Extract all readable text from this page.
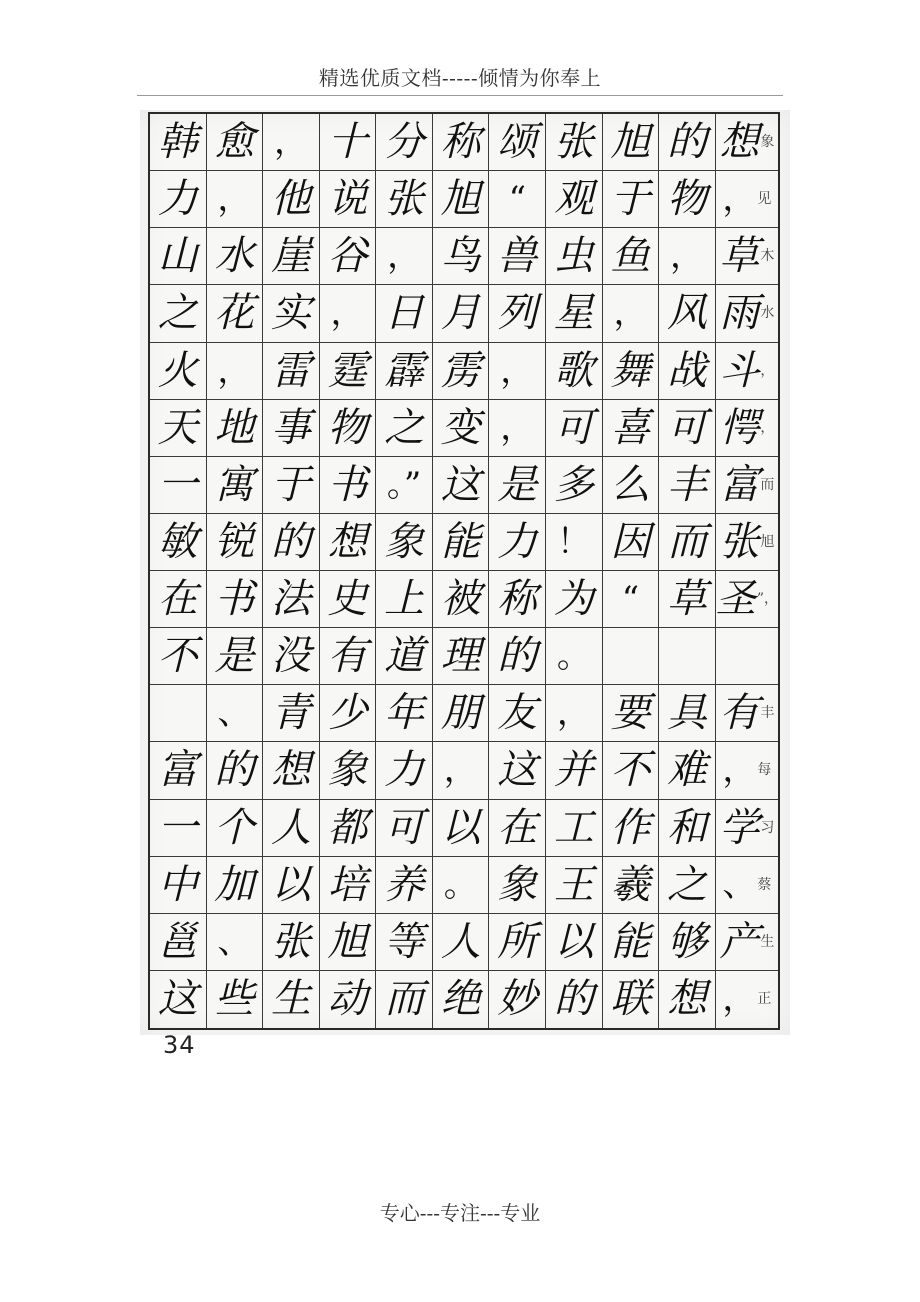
精选优质文档-----倾情为你奉上
韩 愈 ， 十 分 称 颂 张 旭 的 想 象
力 ， 他 说 张 旭 “ 观 于 物 ， 见
山 水 崖 谷 ， 鸟 兽 虫 鱼 ， 草 木
之 花 实 ， 日 月 列 星 ， 风 雨 水
火 ， 雷 霆 霹 雳 ， 歌 舞 战 斗 ，
天 地 事 物 之 变 ， 可 喜 可 愕 ，
一 寓 于 书 。” 这 是 多 么 丰 富 而
敏 锐 的 想 象 能 力 ！ 因 而 张 旭
在 书 法 史 上 被 称 为 “ 草 圣 ”，
不 是 没 有 道 理 的 。
、 青 少 年 朋 友 ， 要 具 有 丰
富 的 想 象 力 ， 这 并 不 难 ， 每
一 个 人 都 可 以 在 工 作 和 学 习
中 加 以 培 养 。 象 王 羲 之 、 蔡
邕 、 张 旭 等 人 所 以 能 够 产 生
这 些 生 动 而 绝 妙 的 联 想 ， 正
34
专心---专注---专业
